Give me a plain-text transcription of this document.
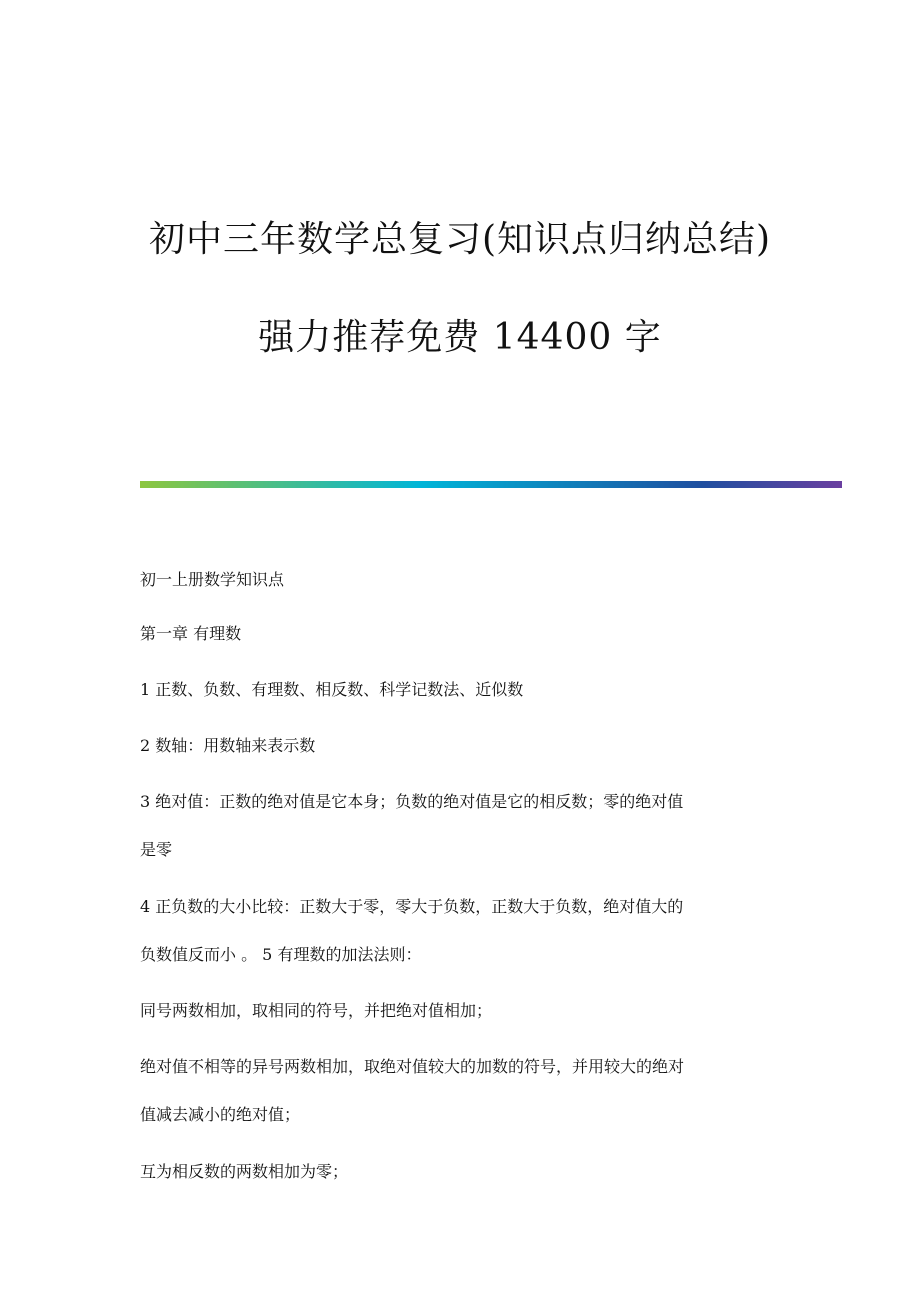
初中三年数学总复习(知识点归纳总结)
强力推荐免费 14400 字

初一上册数学知识点

第一章 有理数

1 正数、负数、有理数、相反数、科学记数法、近似数

2 数轴：用数轴来表示数

3 绝对值：正数的绝对值是它本身；负数的绝对值是它的相反数；零的绝对值

是零

4 正负数的大小比较：正数大于零，零大于负数，正数大于负数，绝对值大的

负数值反而小 。 5 有理数的加法法则：

同号两数相加，取相同的符号，并把绝对值相加；

绝对值不相等的异号两数相加，取绝对值较大的加数的符号，并用较大的绝对

值减去减小的绝对值；

互为相反数的两数相加为零；
